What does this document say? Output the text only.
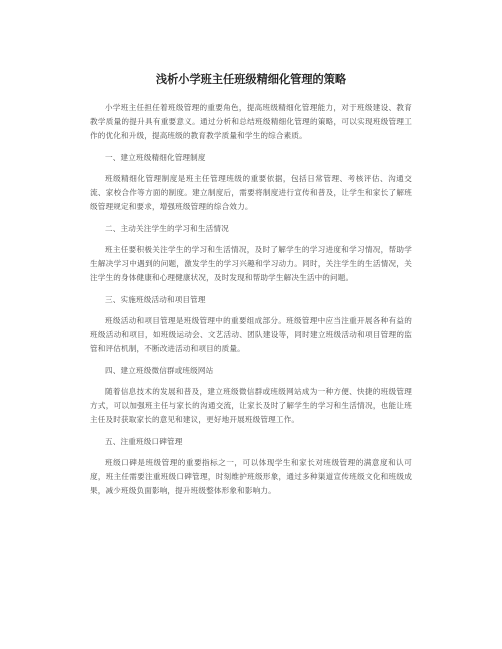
浅析小学班主任班级精细化管理的策略

小学班主任担任着班级管理的重要角色，提高班级精细化管理能力，对于班级建设、教育教学质量的提升具有重要意义。通过分析和总结班级精细化管理的策略，可以实现班级管理工作的优化和升级，提高班级的教育教学质量和学生的综合素质。

一、建立班级精细化管理制度

班级精细化管理制度是班主任管理班级的重要依据，包括日常管理、考核评估、沟通交流、家校合作等方面的制度。建立制度后，需要将制度进行宣传和普及，让学生和家长了解班级管理规定和要求，增强班级管理的综合效力。

二、主动关注学生的学习和生活情况

班主任要积极关注学生的学习和生活情况，及时了解学生的学习进度和学习情况，帮助学生解决学习中遇到的问题，激发学生的学习兴趣和学习动力。同时，关注学生的生活情况，关注学生的身体健康和心理健康状况，及时发现和帮助学生解决生活中的问题。

三、实施班级活动和项目管理

班级活动和项目管理是班级管理中的重要组成部分。班级管理中应当注重开展各种有益的班级活动和项目，如班级运动会、文艺活动、团队建设等，同时建立班级活动和项目管理的监管和评估机制，不断改进活动和项目的质量。

四、建立班级微信群或班级网站

随着信息技术的发展和普及，建立班级微信群或班级网站成为一种方便、快捷的班级管理方式，可以加强班主任与家长的沟通交流，让家长及时了解学生的学习和生活情况，也能让班主任及时获取家长的意见和建议，更好地开展班级管理工作。

五、注重班级口碑管理

班级口碑是班级管理的重要指标之一，可以体现学生和家长对班级管理的满意度和认可度，班主任需要注重班级口碑管理，时刻维护班级形象，通过多种渠道宣传班级文化和班级成果，减少班级负面影响，提升班级整体形象和影响力。
